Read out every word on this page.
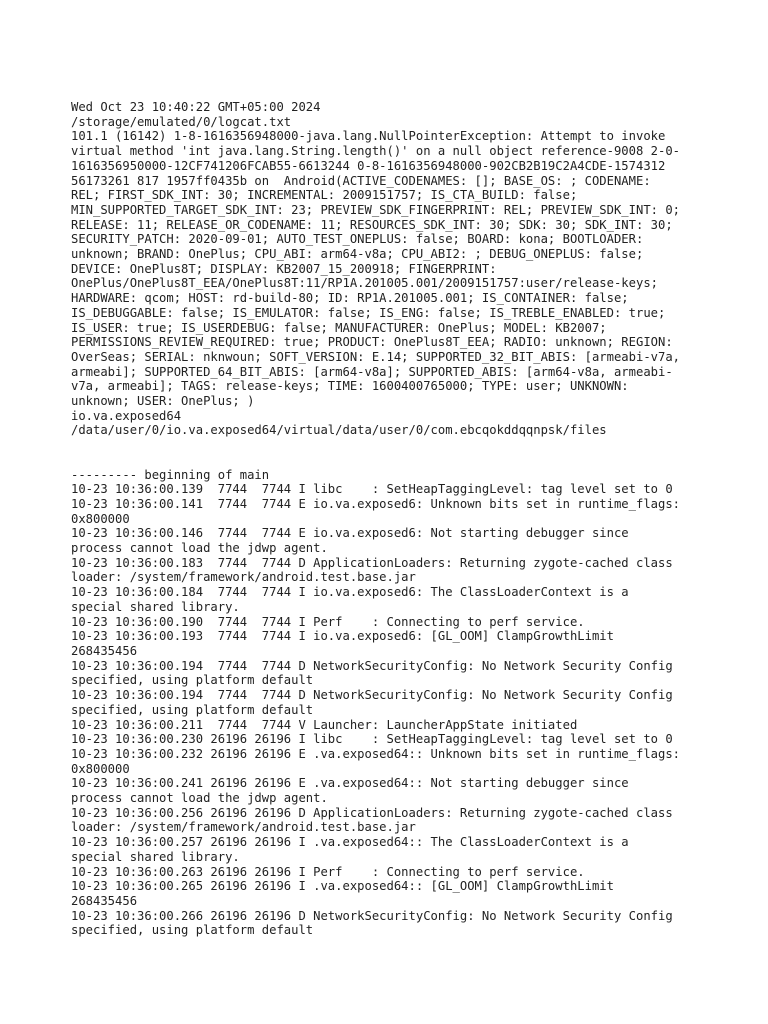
Wed Oct 23 10:40:22 GMT+05:00 2024
/storage/emulated/0/logcat.txt
101.1 (16142) 1-8-1616356948000-java.lang.NullPointerException: Attempt to invoke
virtual method 'int java.lang.String.length()' on a null object reference-9008 2-0-
1616356950000-12CF741206FCAB55-6613244 0-8-1616356948000-902CB2B19C2A4CDE-1574312
56173261 817 1957ff0435b on  Android(ACTIVE_CODENAMES: []; BASE_OS: ; CODENAME:
REL; FIRST_SDK_INT: 30; INCREMENTAL: 2009151757; IS_CTA_BUILD: false;
MIN_SUPPORTED_TARGET_SDK_INT: 23; PREVIEW_SDK_FINGERPRINT: REL; PREVIEW_SDK_INT: 0;
RELEASE: 11; RELEASE_OR_CODENAME: 11; RESOURCES_SDK_INT: 30; SDK: 30; SDK_INT: 30;
SECURITY_PATCH: 2020-09-01; AUTO_TEST_ONEPLUS: false; BOARD: kona; BOOTLOADER:
unknown; BRAND: OnePlus; CPU_ABI: arm64-v8a; CPU_ABI2: ; DEBUG_ONEPLUS: false;
DEVICE: OnePlus8T; DISPLAY: KB2007_15_200918; FINGERPRINT:
OnePlus/OnePlus8T_EEA/OnePlus8T:11/RP1A.201005.001/2009151757:user/release-keys;
HARDWARE: qcom; HOST: rd-build-80; ID: RP1A.201005.001; IS_CONTAINER: false;
IS_DEBUGGABLE: false; IS_EMULATOR: false; IS_ENG: false; IS_TREBLE_ENABLED: true;
IS_USER: true; IS_USERDEBUG: false; MANUFACTURER: OnePlus; MODEL: KB2007;
PERMISSIONS_REVIEW_REQUIRED: true; PRODUCT: OnePlus8T_EEA; RADIO: unknown; REGION:
OverSeas; SERIAL: nknwoun; SOFT_VERSION: E.14; SUPPORTED_32_BIT_ABIS: [armeabi-v7a,
armeabi]; SUPPORTED_64_BIT_ABIS: [arm64-v8a]; SUPPORTED_ABIS: [arm64-v8a, armeabi-
v7a, armeabi]; TAGS: release-keys; TIME: 1600400765000; TYPE: user; UNKNOWN:
unknown; USER: OnePlus; )
io.va.exposed64
/data/user/0/io.va.exposed64/virtual/data/user/0/com.ebcqokddqqnpsk/files
--------- beginning of main
10-23 10:36:00.139  7744  7744 I libc    : SetHeapTaggingLevel: tag level set to 0
10-23 10:36:00.141  7744  7744 E io.va.exposed6: Unknown bits set in runtime_flags:
0x800000
10-23 10:36:00.146  7744  7744 E io.va.exposed6: Not starting debugger since
process cannot load the jdwp agent.
10-23 10:36:00.183  7744  7744 D ApplicationLoaders: Returning zygote-cached class
loader: /system/framework/android.test.base.jar
10-23 10:36:00.184  7744  7744 I io.va.exposed6: The ClassLoaderContext is a
special shared library.
10-23 10:36:00.190  7744  7744 I Perf    : Connecting to perf service.
10-23 10:36:00.193  7744  7744 I io.va.exposed6: [GL_OOM] ClampGrowthLimit
268435456
10-23 10:36:00.194  7744  7744 D NetworkSecurityConfig: No Network Security Config
specified, using platform default
10-23 10:36:00.194  7744  7744 D NetworkSecurityConfig: No Network Security Config
specified, using platform default
10-23 10:36:00.211  7744  7744 V Launcher: LauncherAppState initiated
10-23 10:36:00.230 26196 26196 I libc    : SetHeapTaggingLevel: tag level set to 0
10-23 10:36:00.232 26196 26196 E .va.exposed64:: Unknown bits set in runtime_flags:
0x800000
10-23 10:36:00.241 26196 26196 E .va.exposed64:: Not starting debugger since
process cannot load the jdwp agent.
10-23 10:36:00.256 26196 26196 D ApplicationLoaders: Returning zygote-cached class
loader: /system/framework/android.test.base.jar
10-23 10:36:00.257 26196 26196 I .va.exposed64:: The ClassLoaderContext is a
special shared library.
10-23 10:36:00.263 26196 26196 I Perf    : Connecting to perf service.
10-23 10:36:00.265 26196 26196 I .va.exposed64:: [GL_OOM] ClampGrowthLimit
268435456
10-23 10:36:00.266 26196 26196 D NetworkSecurityConfig: No Network Security Config
specified, using platform default
